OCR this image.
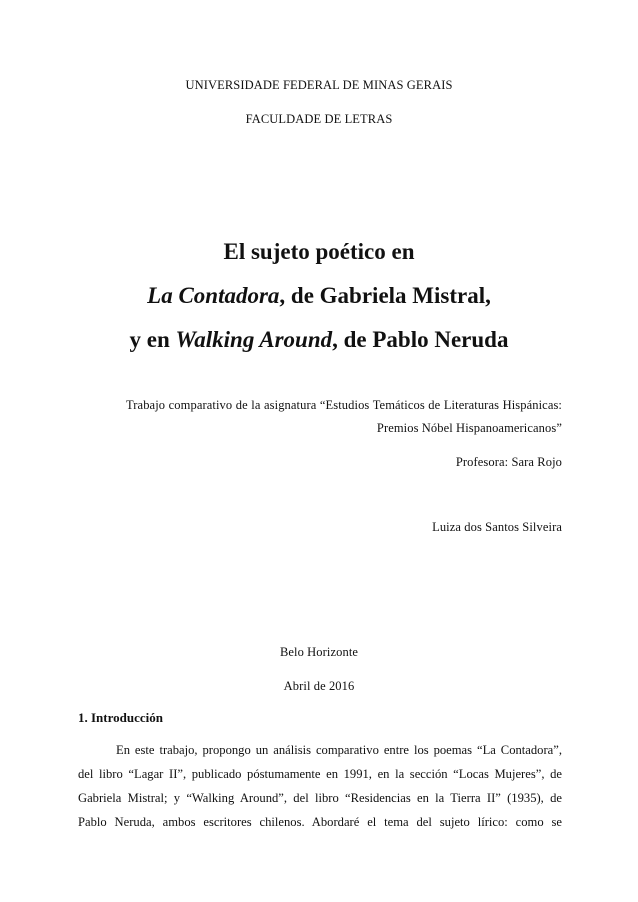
UNIVERSIDADE FEDERAL DE MINAS GERAIS
FACULDADE DE LETRAS
El sujeto poético en
La Contadora, de Gabriela Mistral,
y en Walking Around, de Pablo Neruda
Trabajo comparativo de la asignatura “Estudios Temáticos de Literaturas Hispánicas:
Premios Nóbel Hispanoamericanos”
Profesora: Sara Rojo
Luiza dos Santos Silveira
Belo Horizonte
Abril de 2016
1. Introducción
En este trabajo, propongo un análisis comparativo entre los poemas “La Contadora”,
del libro “Lagar II”, publicado póstumamente en 1991, en la sección “Locas Mujeres”, de
Gabriela Mistral; y “Walking Around”, del libro “Residencias en la Tierra II” (1935), de
Pablo Neruda, ambos escritores chilenos. Abordaré el tema del sujeto lírico: como se
